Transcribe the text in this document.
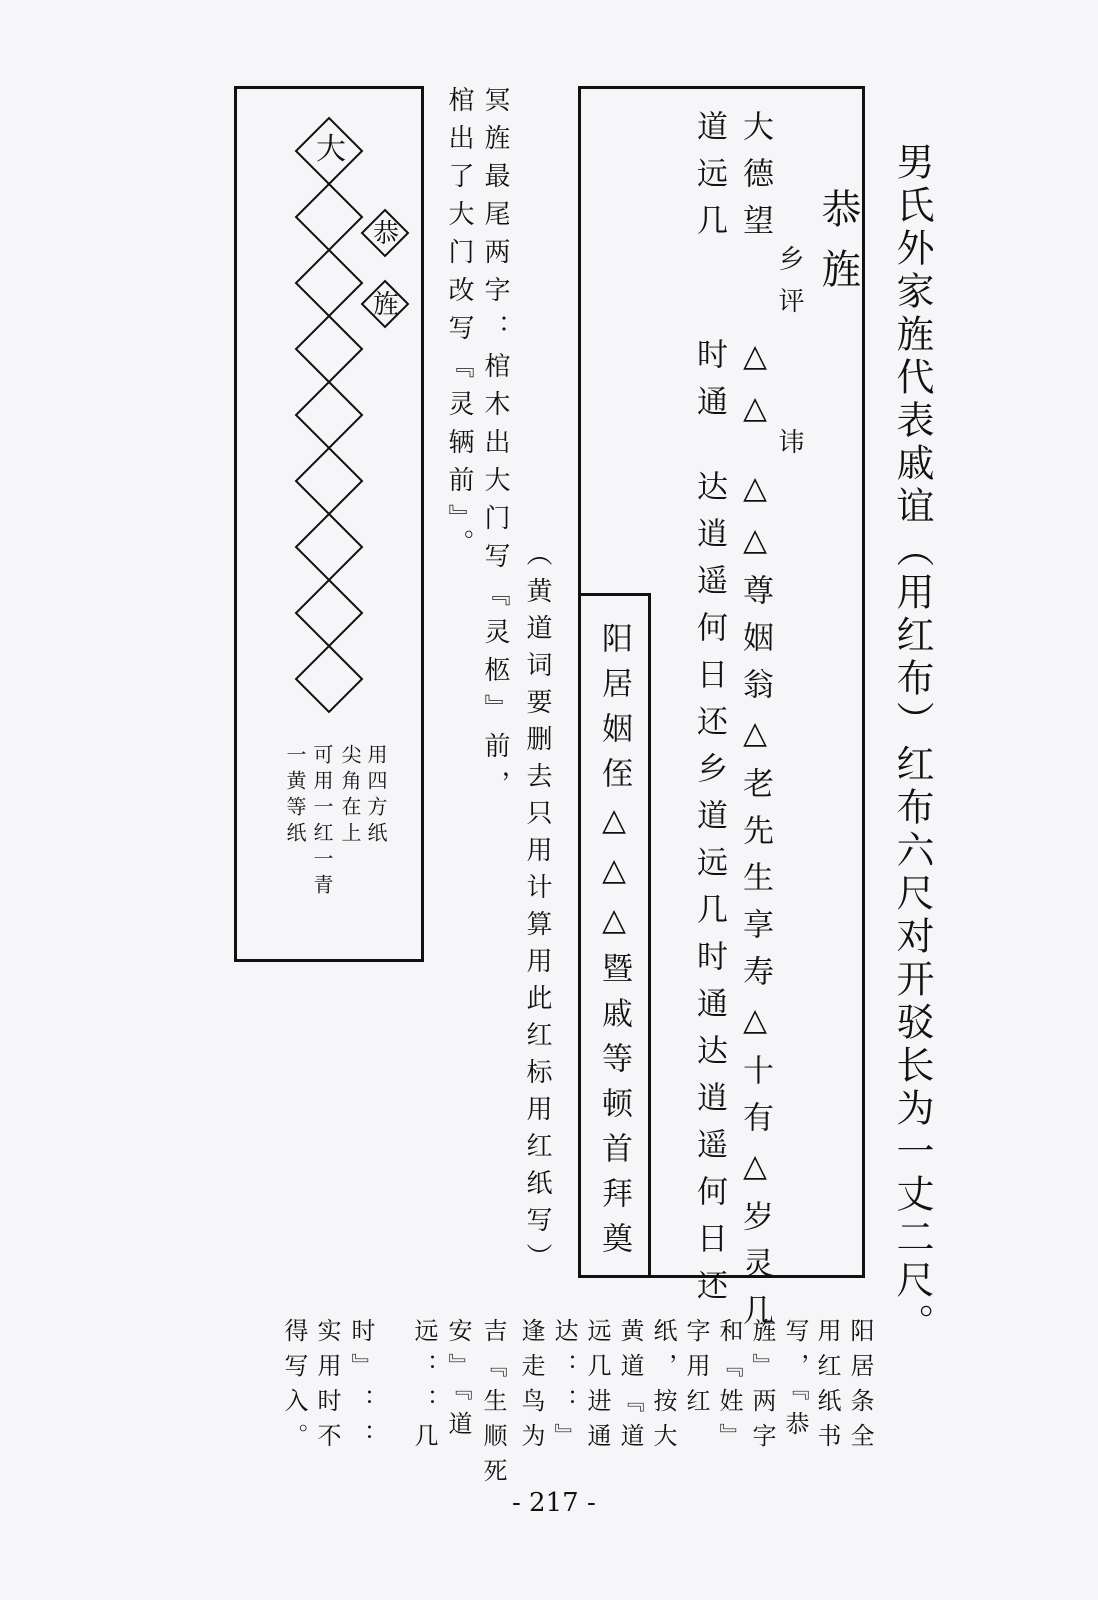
男氏外家旌代表戚谊（用红布）红布六尺对开驳长为一丈二尺。
恭旌
大德望
乡评
△△
讳
△△尊姻翁△老先生享寿△十有△岁灵几
道远几
时通
达逍遥何日还乡道远几时通达逍遥何日还
阳居姻侄△△△暨戚等顿首拜奠
冥旌最尾两字：棺木出大门写『灵柩』前，
棺出了大门改写『灵辆前』。
（黄道词要删去只用计算用此红标用红纸写）
大
恭
旌
用四方纸
尖角在上
可用一红一青
一黄等纸
阳居条全
用红纸书
写，『恭
旌』两字
和『姓』
字用红
纸，按大
黄道『道
远几进通
达：：』
逢走鸟为
吉『生顺死
安』『道
远：：几
时』：：
实用时不
得写入。
- 217 -
